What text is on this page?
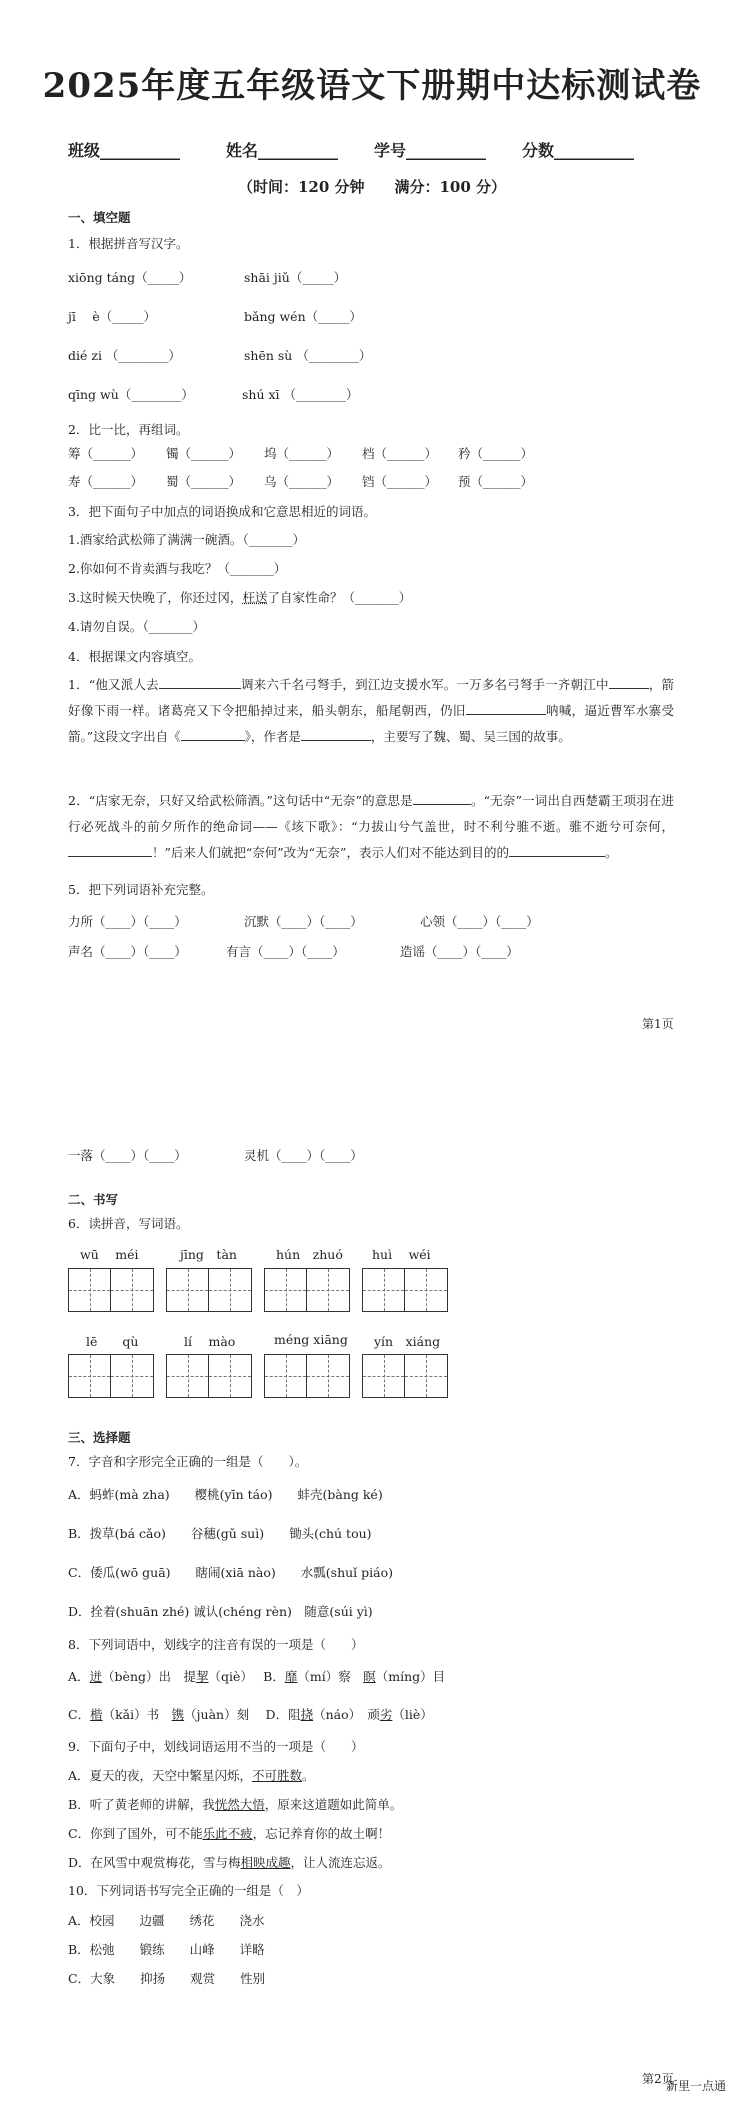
2025年度五年级语文下册期中达标测试卷
班级__________	姓名__________ 学号__________ 分数__________
（时间：120 分钟　　满分：100 分）
一、填空题
1．根据拼音写汉字。
xiōng táng（_____）	shāi jiǔ（_____）
jī　 è（_____）	bǎng wén（_____）
dié zi （________）	shēn sù （________）
qīng wù（________）	shú xī （________）
2．比一比，再组词。
筹（______） 镯（______） 坞（______） 档（______） 矜（______）
寿（______） 蜀（______） 乌（______） 铛（______） 预（______）
3．把下面句子中加点的词语换成和它意思相近的词语。
1.酒家给武松筛了满满一碗酒。（_______）
2.你如何不肯卖酒与我吃？（_______）
3.这时候天快晚了，你还过冈，枉送了自家性命？（_______）
4.请勿自误。（_______）
4．根据课文内容填空。
1．“他又派人去	调来六千名弓弩手，到江边支援水军。一万多名弓弩手一齐朝江中	，箭好像下雨一样。诸葛亮又下令把船掉过来，船头朝东，船尾朝西，仍旧	呐喊，逼近曹军水寨受箭。”这段文字出自《	》，作者是	，主要写了魏、蜀、吴三国的故事。
2．“店家无奈，只好又给武松筛酒。”这句话中“无奈”的意思是	。“无奈”一词出自西楚霸王项羽在进行必死战斗的前夕所作的绝命词——《垓下歌》：“力拔山兮气盖世，时不利兮骓不逝。骓不逝兮可奈何，！”后来人们就把“奈何”改为“无奈”，表示人们对不能达到目的的	。
5．把下列词语补充完整。
力所（____）（____）	沉默（____）（____）	心领（____）（____）
声名（____）（____）	有言（____）（____）	造谣（____）（____）
第1页
一落（____）（____）	灵机（____）（____）
二、书写
6．读拼音，写词语。
wū　 méi	jīng　tàn	hún　zhuó huì　 wéi
lē　　qù	lí　 mào	méng xiāng yín　xiáng
三、选择题
7．字音和字形完全正确的一组是（　　）。
A．蚂蚱(mà zha)　　樱桃(yīn táo)　　蚌壳(bàng ké)
B．拨草(bá cǎo)　　谷穗(gǔ suì)　　锄头(chú tou)
C．倭瓜(wō guā)　　瞎闹(xiā nào)　　水瓢(shuǐ piáo)
D．拴着(shuān zhé) 诚认(chéng rèn)　随意(súi yì)
8．下列词语中，划线字的注音有误的一项是（　　）
A．迸（bèng）出　提挈（qiè）　 B．靡（mí）察　瞑（míng）目
C．楷（kǎi）书　镌（juàn）刻　 D．阻挠（náo）　顽劣（liè）
9．下面句子中，划线词语运用不当的一项是（　　）
A．夏天的夜，天空中繁星闪烁，不可胜数。
B．听了黄老师的讲解，我恍然大悟，原来这道题如此简单。
C．你到了国外，可不能乐此不疲，忘记养育你的故土啊！
D．在风雪中观赏梅花，雪与梅相映成趣，让人流连忘返。
10．下列词语书写完全正确的一组是（　）
A．校园　　边疆　　绣花　　浇水
B．松弛　　锻练　　山峰　　详略
C．大象　　抑扬　　观赏　　性别
第2页
新里一点通
